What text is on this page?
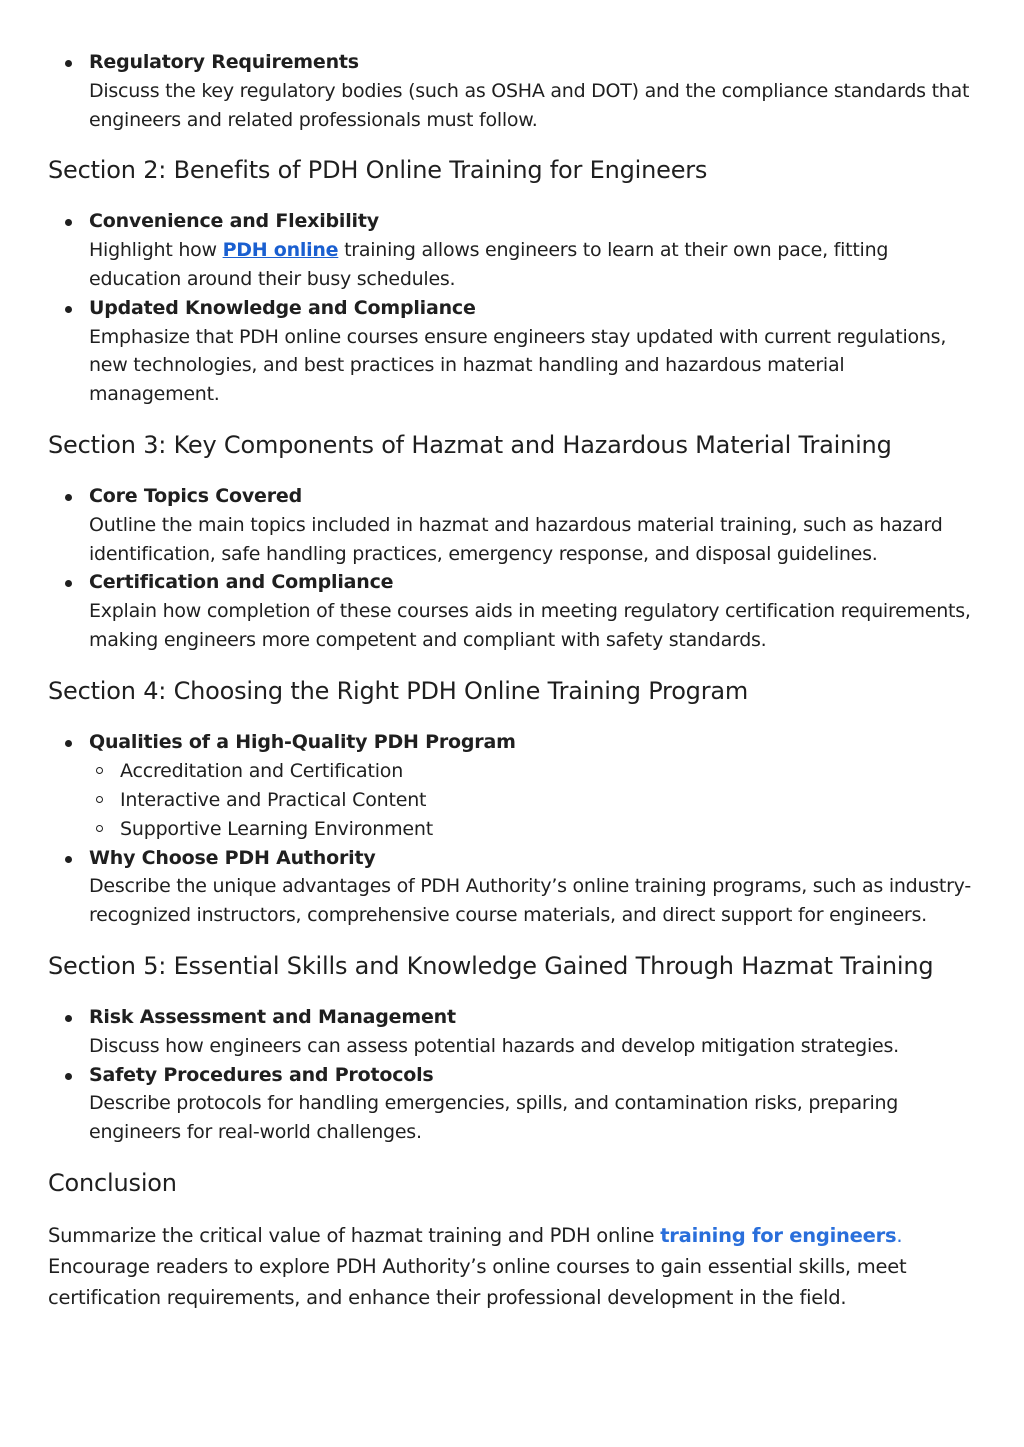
Regulatory Requirements
Discuss the key regulatory bodies (such as OSHA and DOT) and the compliance standards that engineers and related professionals must follow.
Section 2: Benefits of PDH Online Training for Engineers
Convenience and Flexibility
Highlight how PDH online training allows engineers to learn at their own pace, fitting education around their busy schedules.
Updated Knowledge and Compliance
Emphasize that PDH online courses ensure engineers stay updated with current regulations, new technologies, and best practices in hazmat handling and hazardous material management.
Section 3: Key Components of Hazmat and Hazardous Material Training
Core Topics Covered
Outline the main topics included in hazmat and hazardous material training, such as hazard identification, safe handling practices, emergency response, and disposal guidelines.
Certification and Compliance
Explain how completion of these courses aids in meeting regulatory certification requirements, making engineers more competent and compliant with safety standards.
Section 4: Choosing the Right PDH Online Training Program
Qualities of a High-Quality PDH Program
Accreditation and Certification
Interactive and Practical Content
Supportive Learning Environment
Why Choose PDH Authority
Describe the unique advantages of PDH Authority’s online training programs, such as industry-recognized instructors, comprehensive course materials, and direct support for engineers.
Section 5: Essential Skills and Knowledge Gained Through Hazmat Training
Risk Assessment and Management
Discuss how engineers can assess potential hazards and develop mitigation strategies.
Safety Procedures and Protocols
Describe protocols for handling emergencies, spills, and contamination risks, preparing engineers for real-world challenges.
Conclusion

Summarize the critical value of hazmat training and PDH online training for engineers. Encourage readers to explore PDH Authority’s online courses to gain essential skills, meet certification requirements, and enhance their professional development in the field.
